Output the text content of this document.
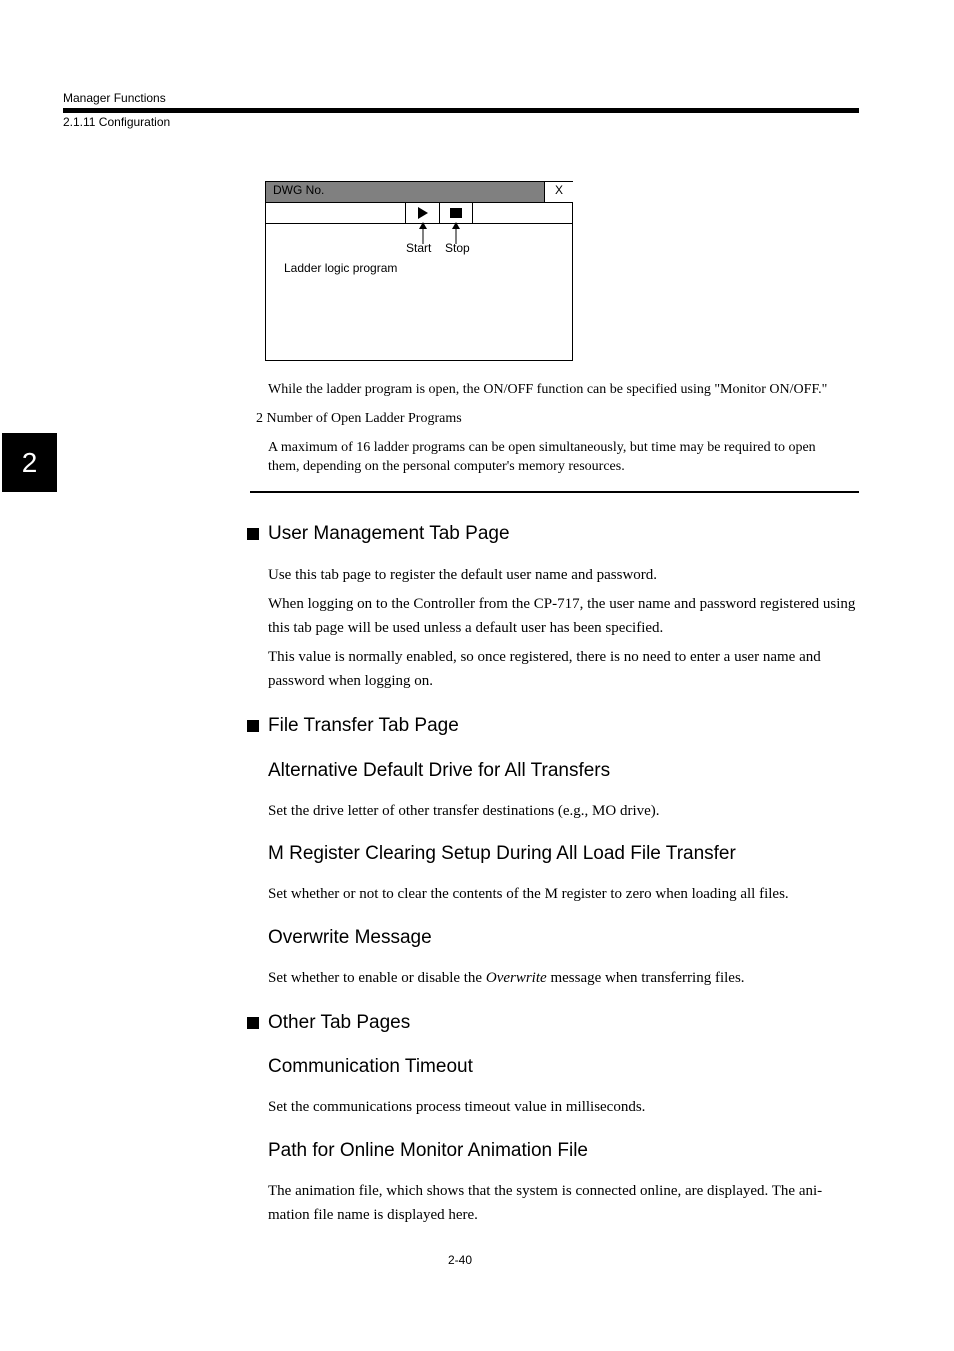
Manager Functions
2.1.11 Configuration
2
DWG No.	X
Start Stop
Ladder logic program
While the ladder program is open, the ON/OFF function can be specified using "Monitor ON/OFF."
2 Number of Open Ladder Programs
A maximum of 16 ladder programs can be open simultaneously, but time may be required to open them, depending on the personal computer's memory resources.
User Management Tab Page
Use this tab page to register the default user name and password.
When logging on to the Controller from the CP-717, the user name and password registered using this tab page will be used unless a default user has been specified.
This value is normally enabled, so once registered, there is no need to enter a user name and password when logging on.
File Transfer Tab Page
Alternative Default Drive for All Transfers
Set the drive letter of other transfer destinations (e.g., MO drive).
M Register Clearing Setup During All Load File Transfer
Set whether or not to clear the contents of the M register to zero when loading all files.
Overwrite Message
Set whether to enable or disable the Overwrite message when transferring files.
Other Tab Pages
Communication Timeout
Set the communications process timeout value in milliseconds.
Path for Online Monitor Animation File
The animation file, which shows that the system is connected online, are displayed. The ani-mation file name is displayed here.
2-40
